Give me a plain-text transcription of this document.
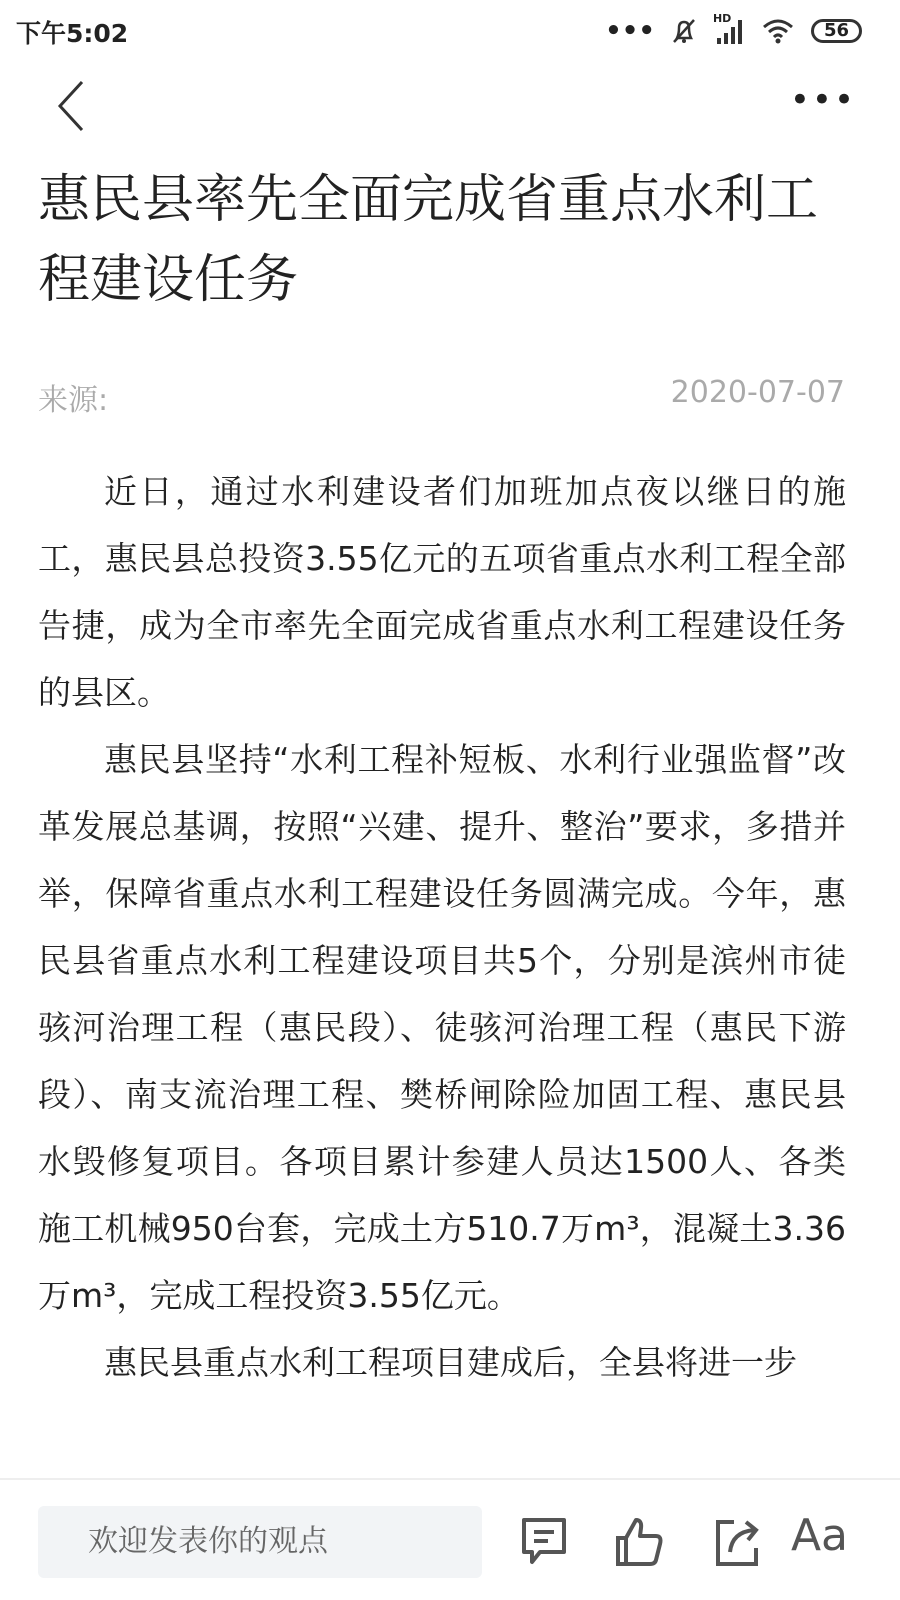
下午5:02	•••	HD
56
•••
惠民县率先全面完成省重点水利工程建设任务
来源:	2020-07-07

近日，通过水利建设者们加班加点夜以继日的施工，惠民县总投资3.55亿元的五项省重点水利工程全部告捷，成为全市率先全面完成省重点水利工程建设任务的县区。

惠民县坚持“水利工程补短板、水利行业强监督”改革发展总基调，按照“兴建、提升、整治”要求，多措并举，保障省重点水利工程建设任务圆满完成。今年，惠民县省重点水利工程建设项目共5个，分别是滨州市徒骇河治理工程（惠民段）、徒骇河治理工程（惠民下游段）、南支流治理工程、樊桥闸除险加固工程、惠民县水毁修复项目。各项目累计参建人员达1500人、各类施工机械950台套，完成土方510.7万m³，混凝土3.36万m³，完成工程投资3.55亿元。

惠民县重点水利工程项目建成后，全县将进一步

欢迎发表你的观点	Aa
